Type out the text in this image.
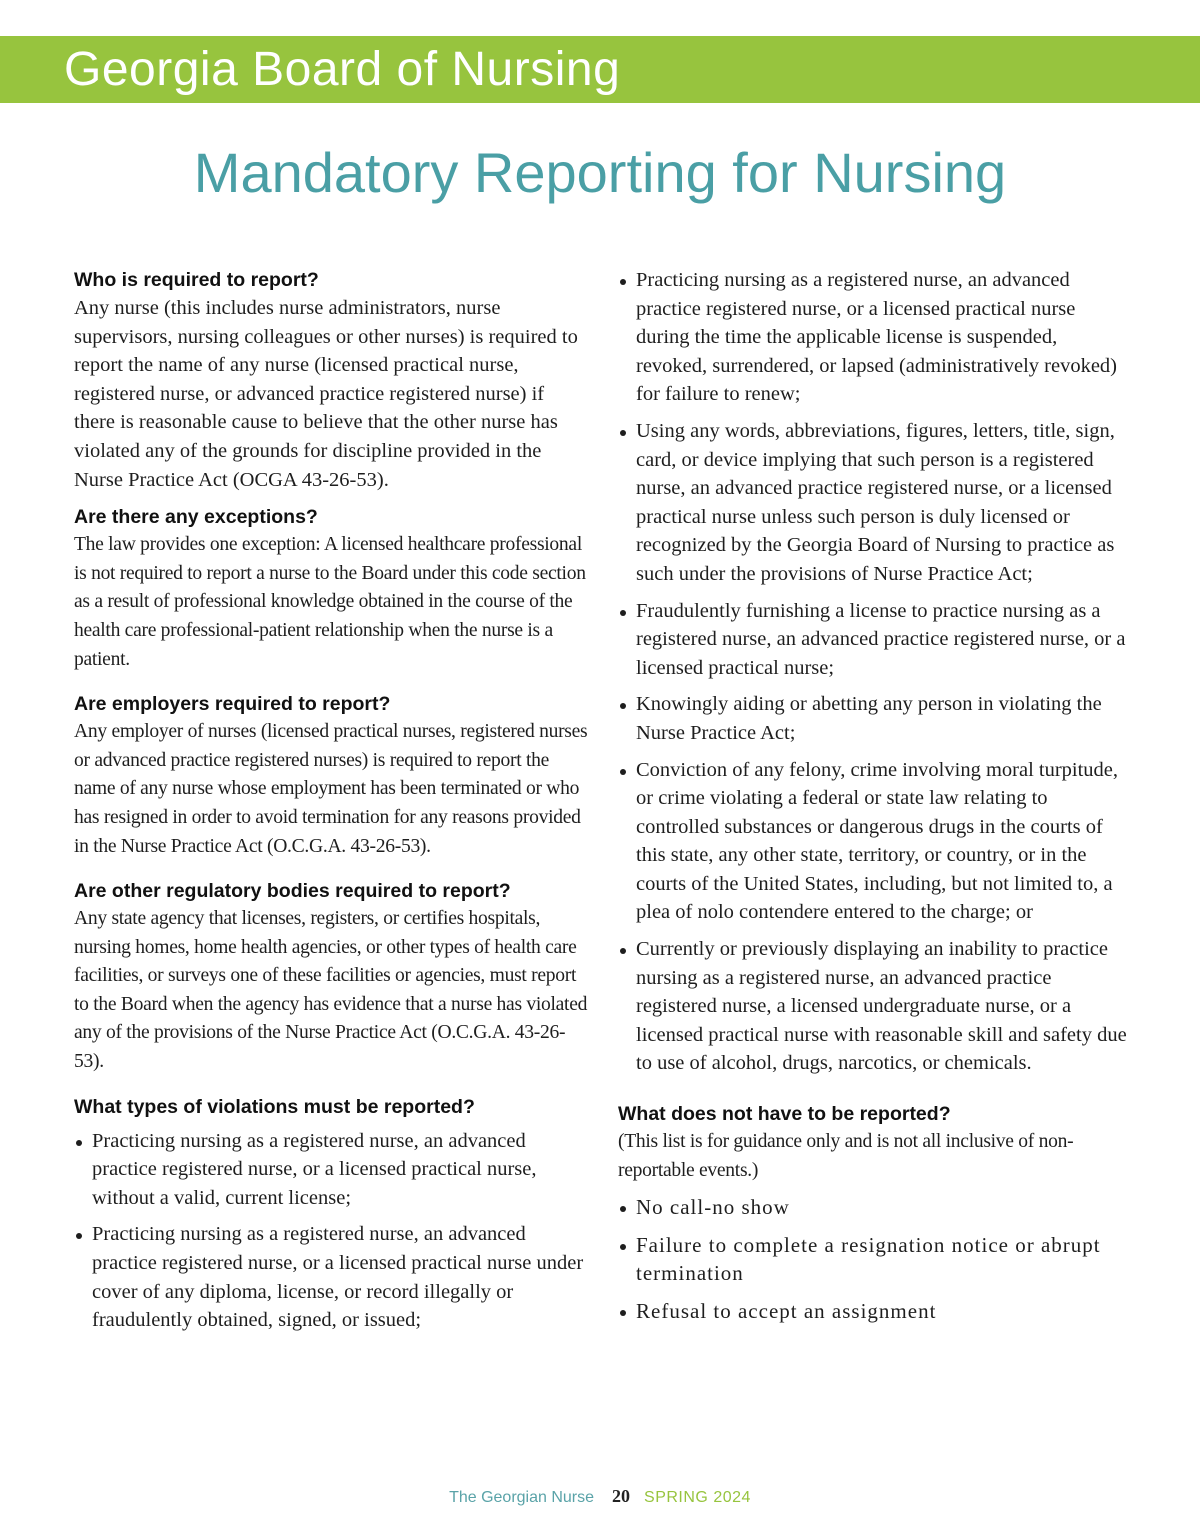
Georgia Board of Nursing
Mandatory Reporting for Nursing

Who is required to report?

Any nurse (this includes nurse administrators, nurse supervisors, nursing colleagues or other nurses) is required to report the name of any nurse (licensed practical nurse, registered nurse, or advanced practice registered nurse) if there is reasonable cause to believe that the other nurse has violated any of the grounds for discipline provided in the Nurse Practice Act (OCGA 43-26-53).

Are there any exceptions?

The law provides one exception: A licensed healthcare professional is not required to report a nurse to the Board under this code section as a result of professional knowledge obtained in the course of the health care professional-patient relationship when the nurse is a patient.

Are employers required to report?

Any employer of nurses (licensed practical nurses, registered nurses or advanced practice registered nurses) is required to report the name of any nurse whose employment has been terminated or who has resigned in order to avoid termination for any reasons provided in the Nurse Practice Act (O.C.G.A. 43-26-53).

Are other regulatory bodies required to report?

Any state agency that licenses, registers, or certifies hospitals, nursing homes, home health agencies, or other types of health care facilities, or surveys one of these facilities or agencies, must report to the Board when the agency has evidence that a nurse has violated any of the provisions of the Nurse Practice Act (O.C.G.A. 43-26-53).

What types of violations must be reported?

Practicing nursing as a registered nurse, an advanced practice registered nurse, or a licensed practical nurse, without a valid, current license;
Practicing nursing as a registered nurse, an advanced practice registered nurse, or a licensed practical nurse under cover of any diploma, license, or record illegally or fraudulently obtained, signed, or issued;
Practicing nursing as a registered nurse, an advanced practice registered nurse, or a licensed practical nurse during the time the applicable license is suspended, revoked, surrendered, or lapsed (administratively revoked) for failure to renew;
Using any words, abbreviations, figures, letters, title, sign, card, or device implying that such person is a registered nurse, an advanced practice registered nurse, or a licensed practical nurse unless such person is duly licensed or recognized by the Georgia Board of Nursing to practice as such under the provisions of Nurse Practice Act;
Fraudulently furnishing a license to practice nursing as a registered nurse, an advanced practice registered nurse, or a licensed practical nurse;
Knowingly aiding or abetting any person in violating the Nurse Practice Act;
Conviction of any felony, crime involving moral turpitude, or crime violating a federal or state law relating to controlled substances or dangerous drugs in the courts of this state, any other state, territory, or country, or in the courts of the United States, including, but not limited to, a plea of nolo contendere entered to the charge; or
Currently or previously displaying an inability to practice nursing as a registered nurse, an advanced practice registered nurse, a licensed undergraduate nurse, or a licensed practical nurse with reasonable skill and safety due to use of alcohol, drugs, narcotics, or chemicals.

What does not have to be reported?

(This list is for guidance only and is not all inclusive of non-reportable events.)

No call-no show
Failure to complete a resignation notice or abrupt termination
Refusal to accept an assignment
The Georgian Nurse 20 SPRING 2024
